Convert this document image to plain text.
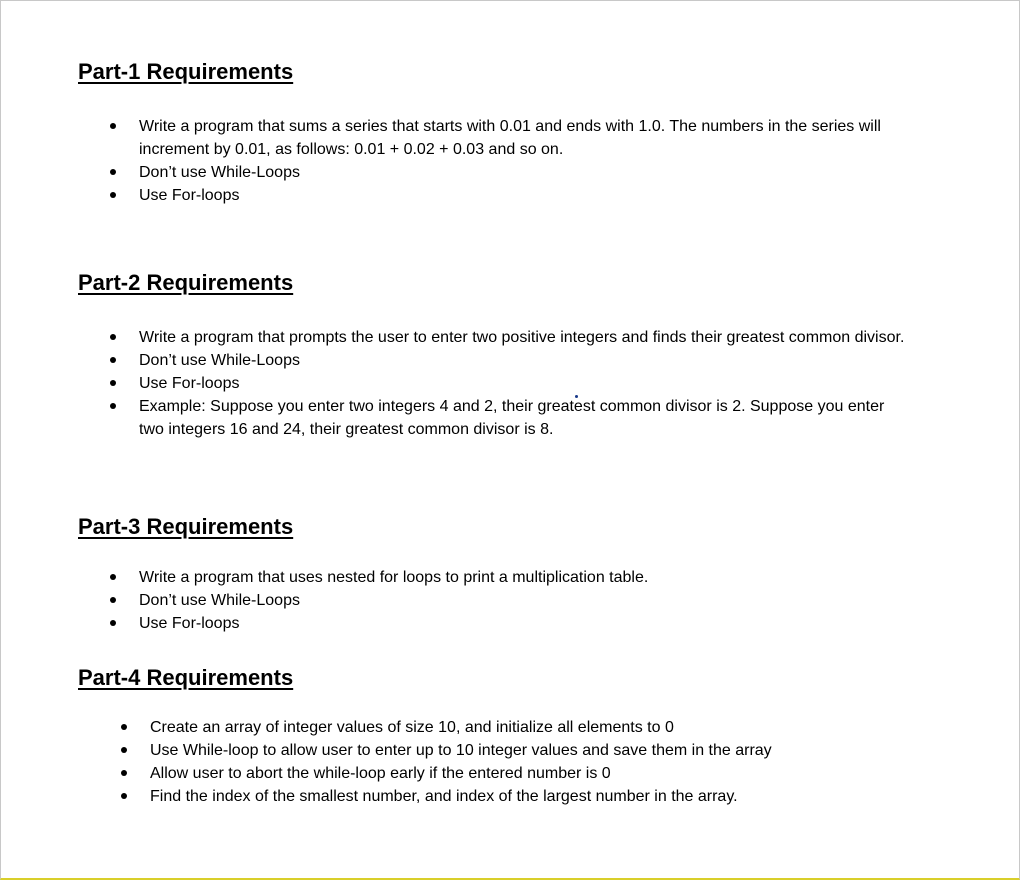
Part-1 Requirements
Write a program that sums a series that starts with 0.01 and ends with 1.0. The numbers in the series will increment by 0.01, as follows: 0.01 + 0.02 + 0.03 and so on.
Don’t use While-Loops
Use For-loops
Part-2 Requirements
Write a program that prompts the user to enter two positive integers and finds their greatest common divisor.
Don’t use While-Loops
Use For-loops
Example: Suppose you enter two integers 4 and 2, their greatest common divisor is 2. Suppose you enter two integers 16 and 24, their greatest common divisor is 8.
Part-3 Requirements
Write a program that uses nested for loops to print a multiplication table.
Don’t use While-Loops
Use For-loops
Part-4 Requirements
Create an array of integer values of size 10, and initialize all elements to 0
Use While-loop to allow user to enter up to 10 integer values and save them in the array
Allow user to abort the while-loop early if the entered number is 0
Find the index of the smallest number, and index of the largest number in the array.
